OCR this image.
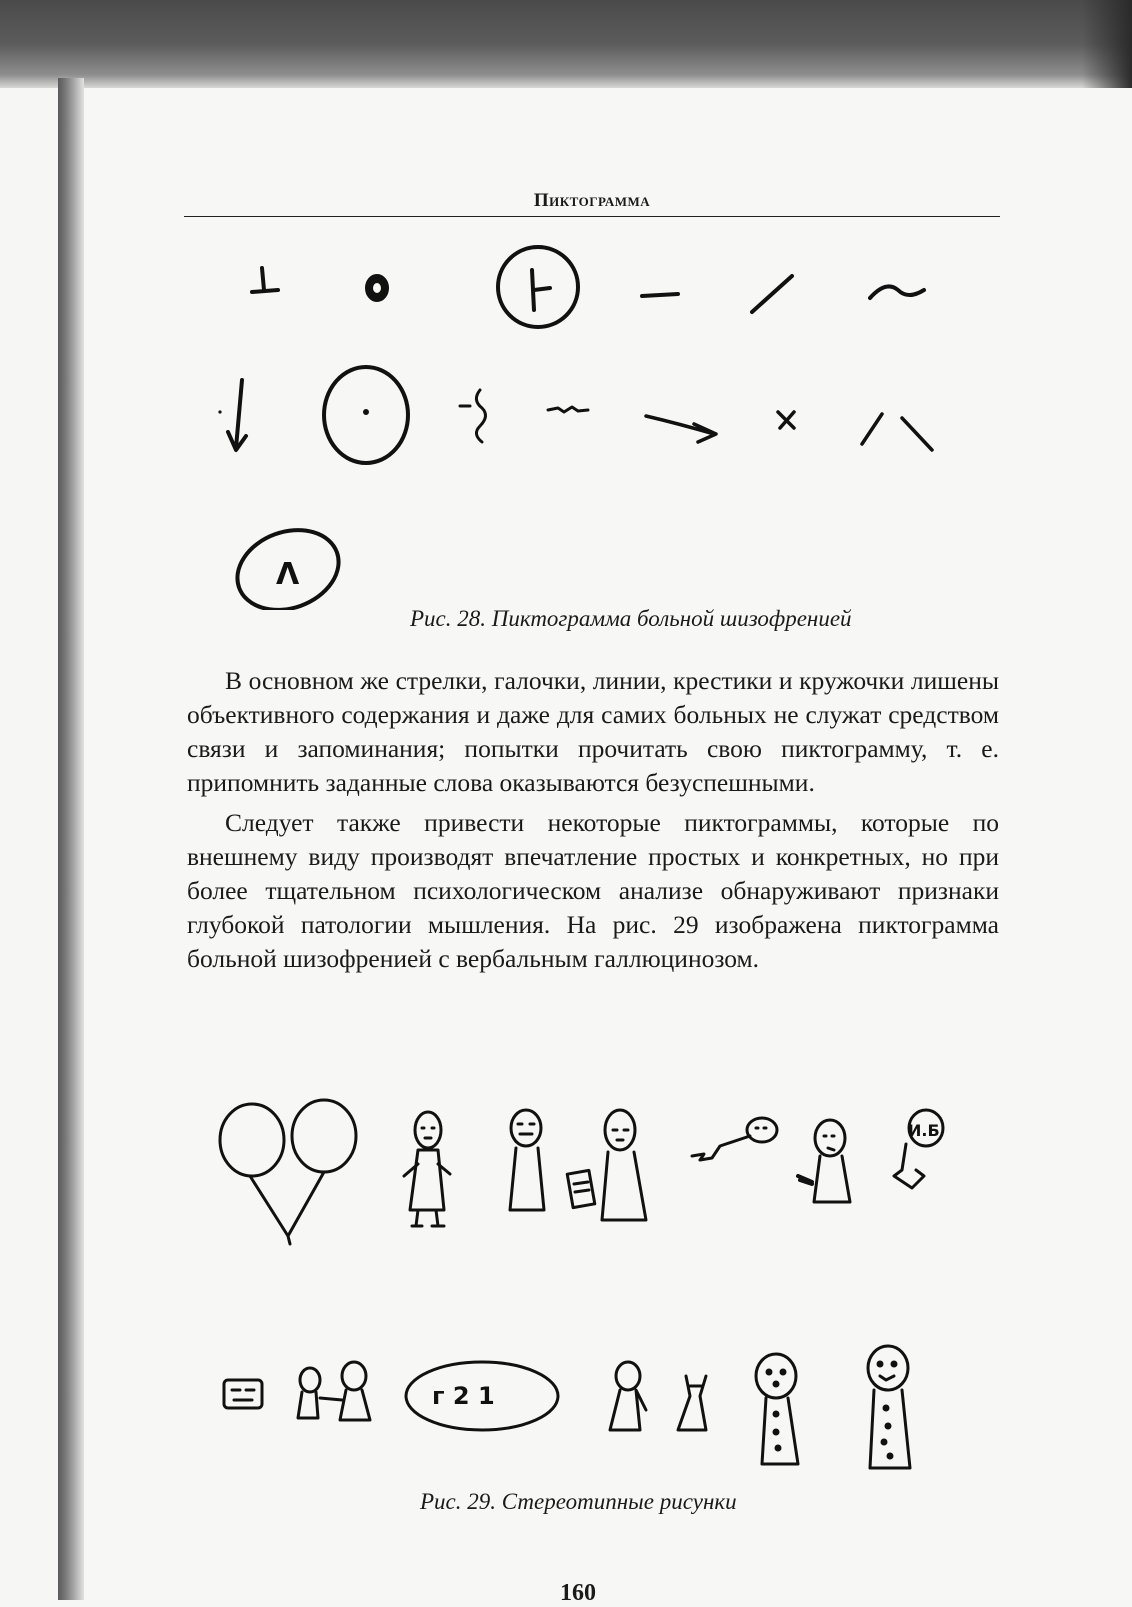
Пиктограмма
Λ
Рис. 28. Пиктограмма больной шизофренией

В основном же стрелки, галочки, линии, крестики и кружочки лишены объективного содержания и даже для самих больных не служат средством связи и запоминания; попытки прочитать свою пиктограмму, т. е. припомнить заданные слова оказываются безуспешными.

Следует также привести некоторые пиктограммы, которые по внешнему виду производят впечатление простых и конкретных, но при более тщательном психологическом анализе обнаруживают признаки глубокой патологии мышления. На рис. 29 изображена пиктограмма больной шизофренией с вербальным галлюцинозом.

И.Б
г 2 1
Рис. 29. Стереотипные рисунки
160
